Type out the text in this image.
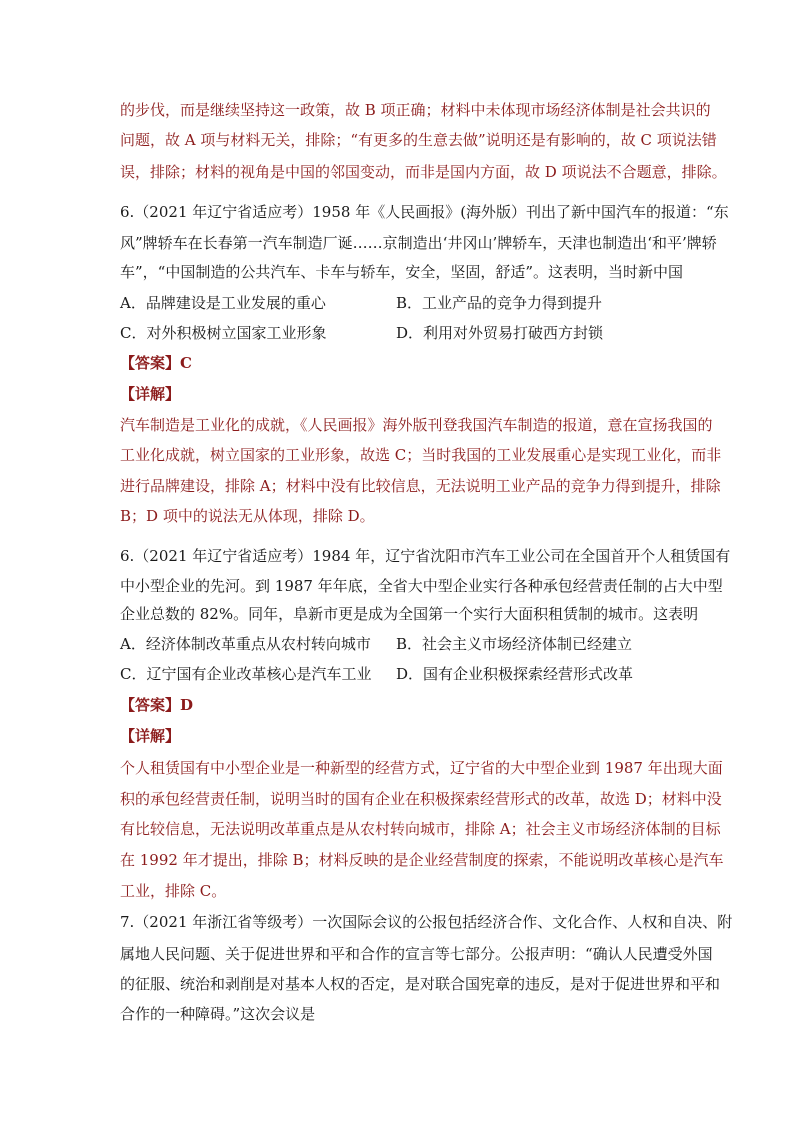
的步伐，而是继续坚持这一政策，故 B 项正确；材料中未体现市场经济体制是社会共识的
问题，故 A 项与材料无关，排除；“有更多的生意去做”说明还是有影响的，故 C 项说法错
误，排除；材料的视角是中国的邻国变动，而非是国内方面，故 D 项说法不合题意，排除。
6.（2021 年辽宁省适应考）1958 年《人民画报》(海外版）刊出了新中国汽车的报道：“东
风”牌轿车在长春第一汽车制造厂诞……京制造出‘井冈山’牌轿车，天津也制造出‘和平’牌轿
车”，“中国制造的公共汽车、卡车与轿车，安全，坚固，舒适”。这表明，当时新中国
A．品牌建设是工业发展的重心	B．工业产品的竞争力得到提升
C．对外积极树立国家工业形象	D．利用对外贸易打破西方封锁
【答案】C
【详解】
汽车制造是工业化的成就，《人民画报》海外版刊登我国汽车制造的报道，意在宣扬我国的
工业化成就，树立国家的工业形象，故选 C；当时我国的工业发展重心是实现工业化，而非
进行品牌建设，排除 A；材料中没有比较信息，无法说明工业产品的竞争力得到提升，排除
B；D 项中的说法无从体现，排除 D。
6.（2021 年辽宁省适应考）1984 年，辽宁省沈阳市汽车工业公司在全国首开个人租赁国有
中小型企业的先河。到 1987 年年底，全省大中型企业实行各种承包经营责任制的占大中型
企业总数的 82%。同年，阜新市更是成为全国第一个实行大面积租赁制的城市。这表明
A．经济体制改革重点从农村转向城市 B．社会主义市场经济体制已经建立
C．辽宁国有企业改革核心是汽车工业 D．国有企业积极探索经营形式改革
【答案】D
【详解】
个人租赁国有中小型企业是一种新型的经营方式，辽宁省的大中型企业到 1987 年出现大面
积的承包经营责任制，说明当时的国有企业在积极探索经营形式的改革，故选 D；材料中没
有比较信息，无法说明改革重点是从农村转向城市，排除 A；社会主义市场经济体制的目标
在 1992 年才提出，排除 B；材料反映的是企业经营制度的探索，不能说明改革核心是汽车
工业，排除 C。
7.（2021 年浙江省等级考）一次国际会议的公报包括经济合作、文化合作、人权和自决、附
属地人民问题、关于促进世界和平和合作的宣言等七部分。公报声明：“确认人民遭受外国
的征服、统治和剥削是对基本人权的否定，是对联合国宪章的违反，是对于促进世界和平和
合作的一种障碍。”这次会议是
